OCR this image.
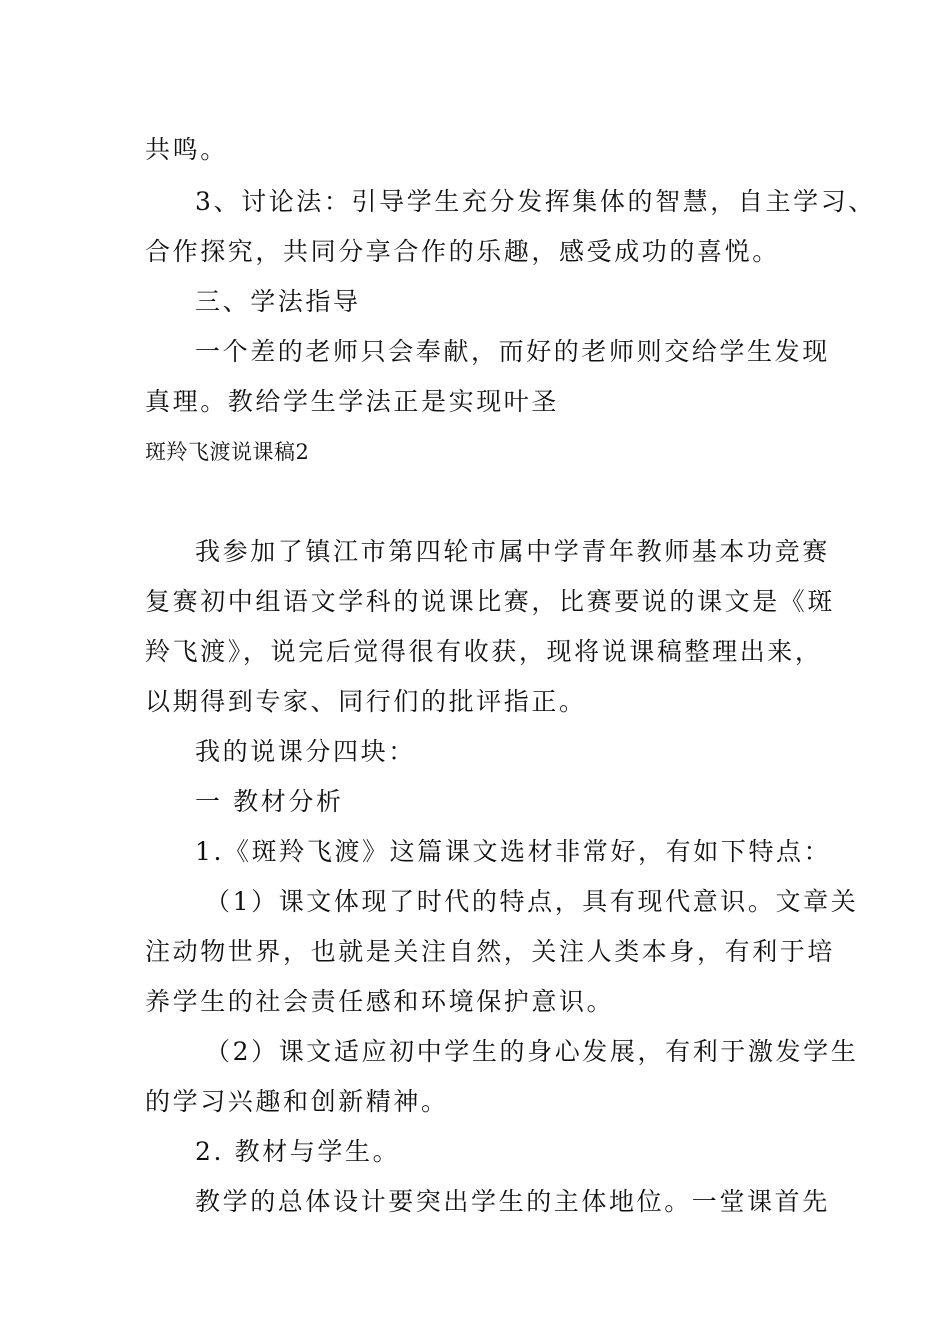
共鸣。
3、讨论法：引导学生充分发挥集体的智慧，自主学习、
合作探究，共同分享合作的乐趣，感受成功的喜悦。
三、学法指导
一个差的老师只会奉献，而好的老师则交给学生发现
真理。教给学生学法正是实现叶圣
斑羚飞渡说课稿2
我参加了镇江市第四轮市属中学青年教师基本功竞赛
复赛初中组语文学科的说课比赛，比赛要说的课文是《斑
羚飞渡》，说完后觉得很有收获，现将说课稿整理出来，
以期得到专家、同行们的批评指正。
我的说课分四块：
一 教材分析
1.《斑羚飞渡》这篇课文选材非常好，有如下特点：
（1）课文体现了时代的特点，具有现代意识。文章关
注动物世界，也就是关注自然，关注人类本身，有利于培
养学生的社会责任感和环境保护意识。
（2）课文适应初中学生的身心发展，有利于激发学生
的学习兴趣和创新精神。
2. 教材与学生。
教学的总体设计要突出学生的主体地位。一堂课首先
